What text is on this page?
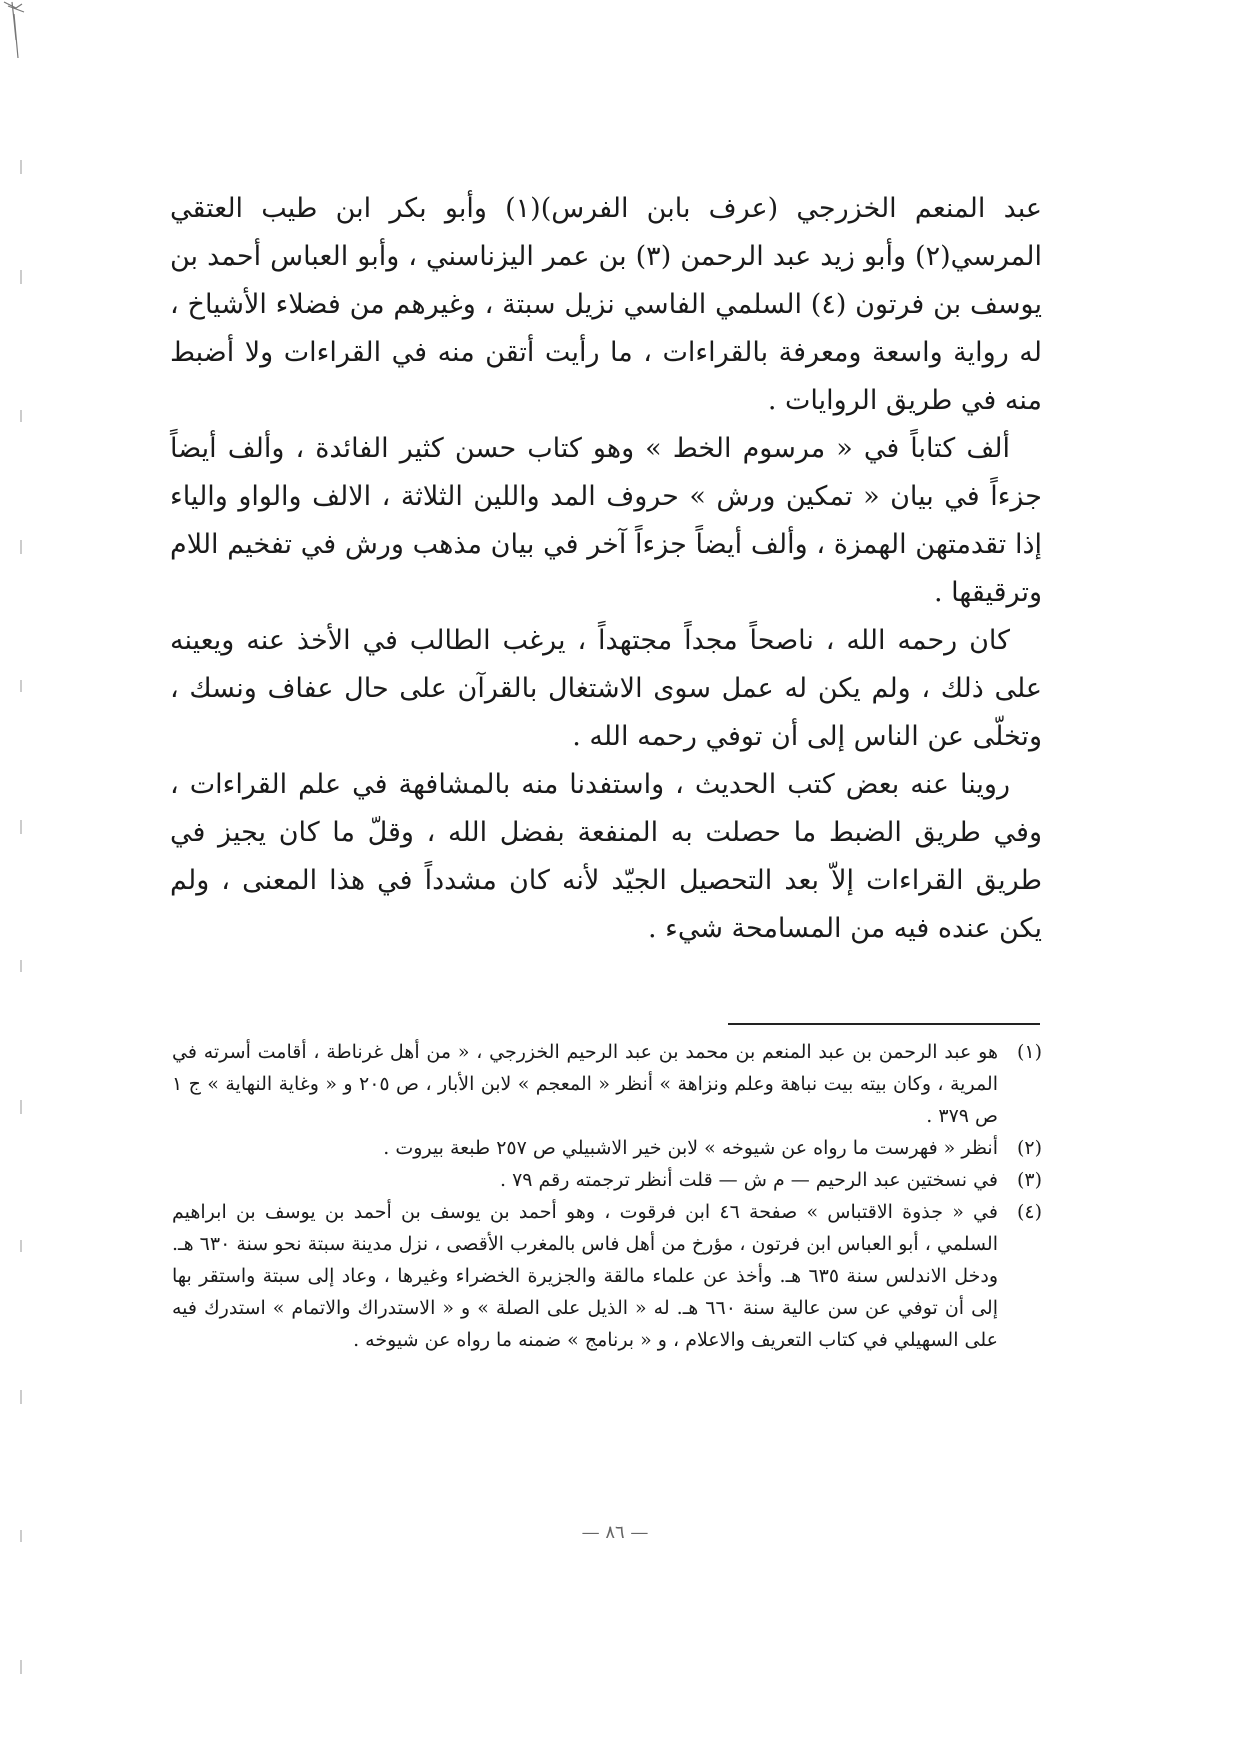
عبد المنعم الخزرجي (عرف بابن الفرس)(١) وأبو بكر ابن طيب العتقي المرسي(٢) وأبو زيد عبد الرحمن (٣) بن عمر اليزناسني ، وأبو العباس أحمد بن يوسف بن فرتون (٤) السلمي الفاسي نزيل سبتة ، وغيرهم من فضلاء الأشياخ ، له رواية واسعة ومعرفة بالقراءات ، ما رأيت أتقن منه في القراءات ولا أضبط منه في طريق الروايات .

ألف كتاباً في « مرسوم الخط » وهو كتاب حسن كثير الفائدة ، وألف أيضاً جزءاً في بيان « تمكين ورش » حروف المد واللين الثلاثة ، الالف والواو والياء إذا تقدمتهن الهمزة ، وألف أيضاً جزءاً آخر في بيان مذهب ورش في تفخيم اللام وترقيقها .

كان رحمه الله ، ناصحاً مجداً مجتهداً ، يرغب الطالب في الأخذ عنه ويعينه على ذلك ، ولم يكن له عمل سوى الاشتغال بالقرآن على حال عفاف ونسك ، وتخلّى عن الناس إلى أن توفي رحمه الله .

روينا عنه بعض كتب الحديث ، واستفدنا منه بالمشافهة في علم القراءات ، وفي طريق الضبط ما حصلت به المنفعة بفضل الله ، وقلّ ما كان يجيز في طريق القراءات إلاّ بعد التحصيل الجيّد لأنه كان مشدداً في هذا المعنى ، ولم يكن عنده فيه من المسامحة شيء .

(١)
هو عبد الرحمن بن عبد المنعم بن محمد بن عبد الرحيم الخزرجي ، « من أهل غرناطة ، أقامت أسرته في المرية ، وكان بيته بيت نباهة وعلم ونزاهة » أنظر « المعجم » لابن الأبار ، ص ٢٠٥ و « وغاية النهاية » ج ١ ص ٣٧٩ .
(٢)
أنظر « فهرست ما رواه عن شيوخه » لابن خير الاشبيلي ص ٢٥٧ طبعة بيروت .
(٣)
في نسختين عبد الرحيم — م ش — قلت أنظر ترجمته رقم ٧٩ .
(٤)
في « جذوة الاقتباس » صفحة ٤٦ ابن فرقوت ، وهو أحمد بن يوسف بن أحمد بن يوسف بن ابراهيم السلمي ، أبو العباس ابن فرتون ، مؤرخ من أهل فاس بالمغرب الأقصى ، نزل مدينة سبتة نحو سنة ٦٣٠ هـ. ودخل الاندلس سنة ٦٣٥ هـ. وأخذ عن علماء مالقة والجزيرة الخضراء وغيرها ، وعاد إلى سبتة واستقر بها إلى أن توفي عن سن عالية سنة ٦٦٠ هـ. له « الذيل على الصلة » و « الاستدراك والاتمام » استدرك فيه على السهيلي في كتاب التعريف والاعلام ، و « برنامج » ضمنه ما رواه عن شيوخه .
— ٨٦ —
